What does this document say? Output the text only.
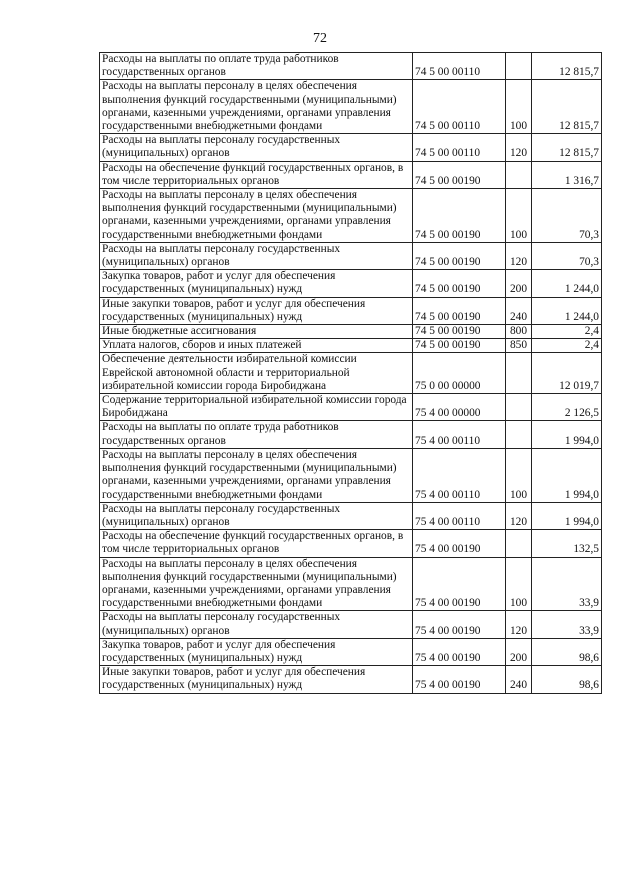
72
Расходы на выплаты по оплате труда работников государственных органов	74 5 00 00110		12 815,7
Расходы на выплаты персоналу в целях обеспечения выполнения функций государственными (муниципальными) органами, казенными учреждениями, органами управления государственными внебюджетными фондами	74 5 00 00110	100	12 815,7
Расходы на выплаты персоналу государственных (муниципальных) органов	74 5 00 00110	120	12 815,7
Расходы на обеспечение функций государственных органов, в том числе территориальных органов	74 5 00 00190		1 316,7
Расходы на выплаты персоналу в целях обеспечения выполнения функций государственными (муниципальными) органами, казенными учреждениями, органами управления государственными внебюджетными фондами	74 5 00 00190	100	70,3
Расходы на выплаты персоналу государственных (муниципальных) органов	74 5 00 00190	120	70,3
Закупка товаров, работ и услуг для обеспечения государственных (муниципальных) нужд	74 5 00 00190	200	1 244,0
Иные закупки товаров, работ и услуг для обеспечения государственных (муниципальных) нужд	74 5 00 00190	240	1 244,0
Иные бюджетные ассигнования	74 5 00 00190	800	2,4
Уплата налогов, сборов и иных платежей	74 5 00 00190	850	2,4
Обеспечение деятельности избирательной комиссии Еврейской автономной области и территориальной избирательной комиссии города Биробиджана	75 0 00 00000		12 019,7
Содержание территориальной избирательной комиссии города Биробиджана	75 4 00 00000		2 126,5
Расходы на выплаты по оплате труда работников государственных органов	75 4 00 00110		1 994,0
Расходы на выплаты персоналу в целях обеспечения выполнения функций государственными (муниципальными) органами, казенными учреждениями, органами управления государственными внебюджетными фондами	75 4 00 00110	100	1 994,0
Расходы на выплаты персоналу государственных (муниципальных) органов	75 4 00 00110	120	1 994,0
Расходы на обеспечение функций государственных органов, в том числе территориальных органов	75 4 00 00190		132,5
Расходы на выплаты персоналу в целях обеспечения выполнения функций государственными (муниципальными) органами, казенными учреждениями, органами управления государственными внебюджетными фондами	75 4 00 00190	100	33,9
Расходы на выплаты персоналу государственных (муниципальных) органов	75 4 00 00190	120	33,9
Закупка товаров, работ и услуг для обеспечения государственных (муниципальных) нужд	75 4 00 00190	200	98,6
Иные закупки товаров, работ и услуг для обеспечения государственных (муниципальных) нужд	75 4 00 00190	240	98,6
